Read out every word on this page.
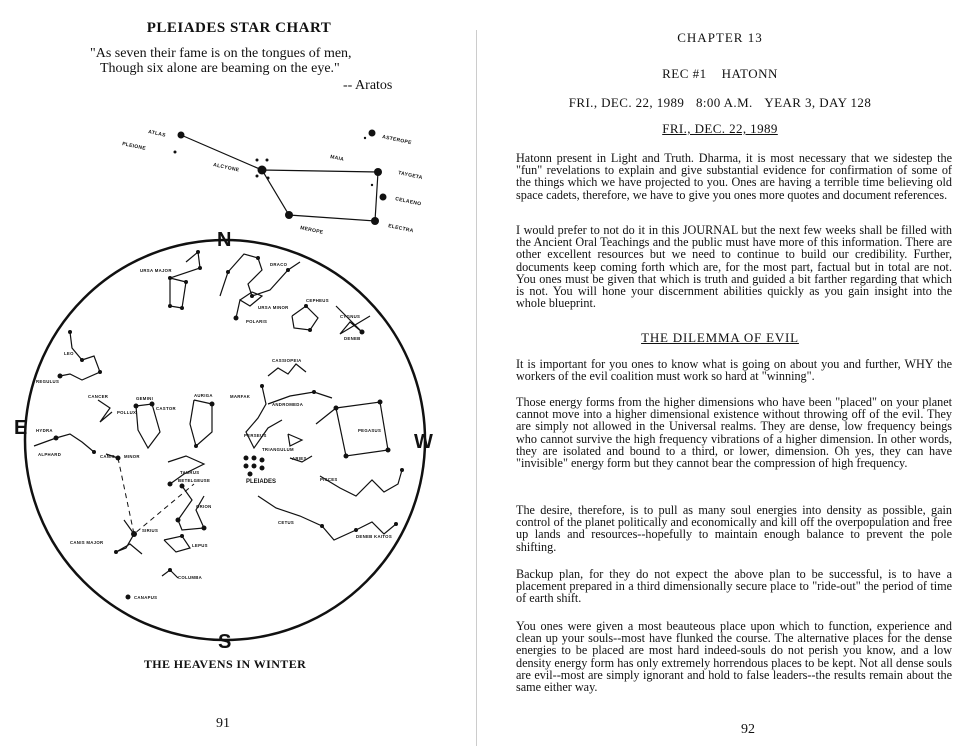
PLEIADES STAR CHART
"As seven their fame is on the tongues of men,
Though six alone are beaming on the eye."
-- Aratos
ATLAS
PLEIONE
ALCYONE
MAIA
ASTEROPE
TAYGETA
CELAENO
ELECTRA
MEROPE
N
S
E
W
PLEIADES
URSA MAJOR
DRACO
URSA MINOR
POLARIS
CEPHEUS
CYGNUS
DENEB
CASSIOPEIA
LEO
REGULUS
CANCER	GEMINI
POLLUX
CASTOR
AURIGA	MARFAK
ANDROMEDA
PEGASUS
HYDRA
ALPHARD	CANIS MINOR
PERSEUS
TRIANGULUM
ARIES
PISCES
TAURUS
BETELGEUSE
ORION
CETUS
SIRIUS
CANIS MAJOR
LEPUS
DENEB KAITOS
COLUMBA
CANAPUS
THE HEAVENS IN WINTER
91
CHAPTER 13
REC #1    HATONN
FRI., DEC. 22, 1989 8:00 A.M. YEAR 3, DAY 128
FRI., DEC. 22, 1989
Hatonn present in Light and Truth. Dharma, it is most necessary that we sidestep the "fun" revelations to explain and give substantial evidence for confirmation of some of the things which we have projected to you. Ones are having a terrible time believing old space cadets, therefore, we have to give you ones more quotes and document references.
I would prefer to not do it in this JOURNAL but the next few weeks shall be filled with the Ancient Oral Teachings and the public must have more of this information. There are other excellent resources but we need to continue to build our credibility. Further, documents keep coming forth which are, for the most part, factual but in total are not. You ones must be given that which is truth and guided a bit farther regarding that which is not. You will hone your discernment abilities quickly as you gain insight into the whole blueprint.
THE DILEMMA OF EVIL
It is important for you ones to know what is going on about you and further, WHY the workers of the evil coalition must work so hard at "winning".
Those energy forms from the higher dimensions who have been "placed" on your planet cannot move into a higher dimensional existence without throwing off of the evil. They are simply not allowed in the Universal realms. They are dense, low frequency beings who cannot survive the high frequency vibrations of a higher dimension. In other words, they are isolated and bound to a third, or lower, dimension. Oh yes, they can have "invisible" energy form but they cannot bear the compression of high frequency.
The desire, therefore, is to pull as many soul energies into density as possible, gain control of the planet politically and economically and kill off the overpopulation and free up lands and resources--hopefully to maintain enough balance to prevent the pole shifting.
Backup plan, for they do not expect the above plan to be successful, is to have a placement prepared in a third dimensionally secure place to "ride-out" the period of time of earth shift.
You ones were given a most beauteous place upon which to function, experience and clean up your souls--most have flunked the course. The alternative places for the dense energies to be placed are most hard indeed-souls do not perish you know, and a low density energy form has only extremely horrendous places to be kept. Not all dense souls are evil--most are simply ignorant and hold to false leaders--the results remain about the same either way.
92
